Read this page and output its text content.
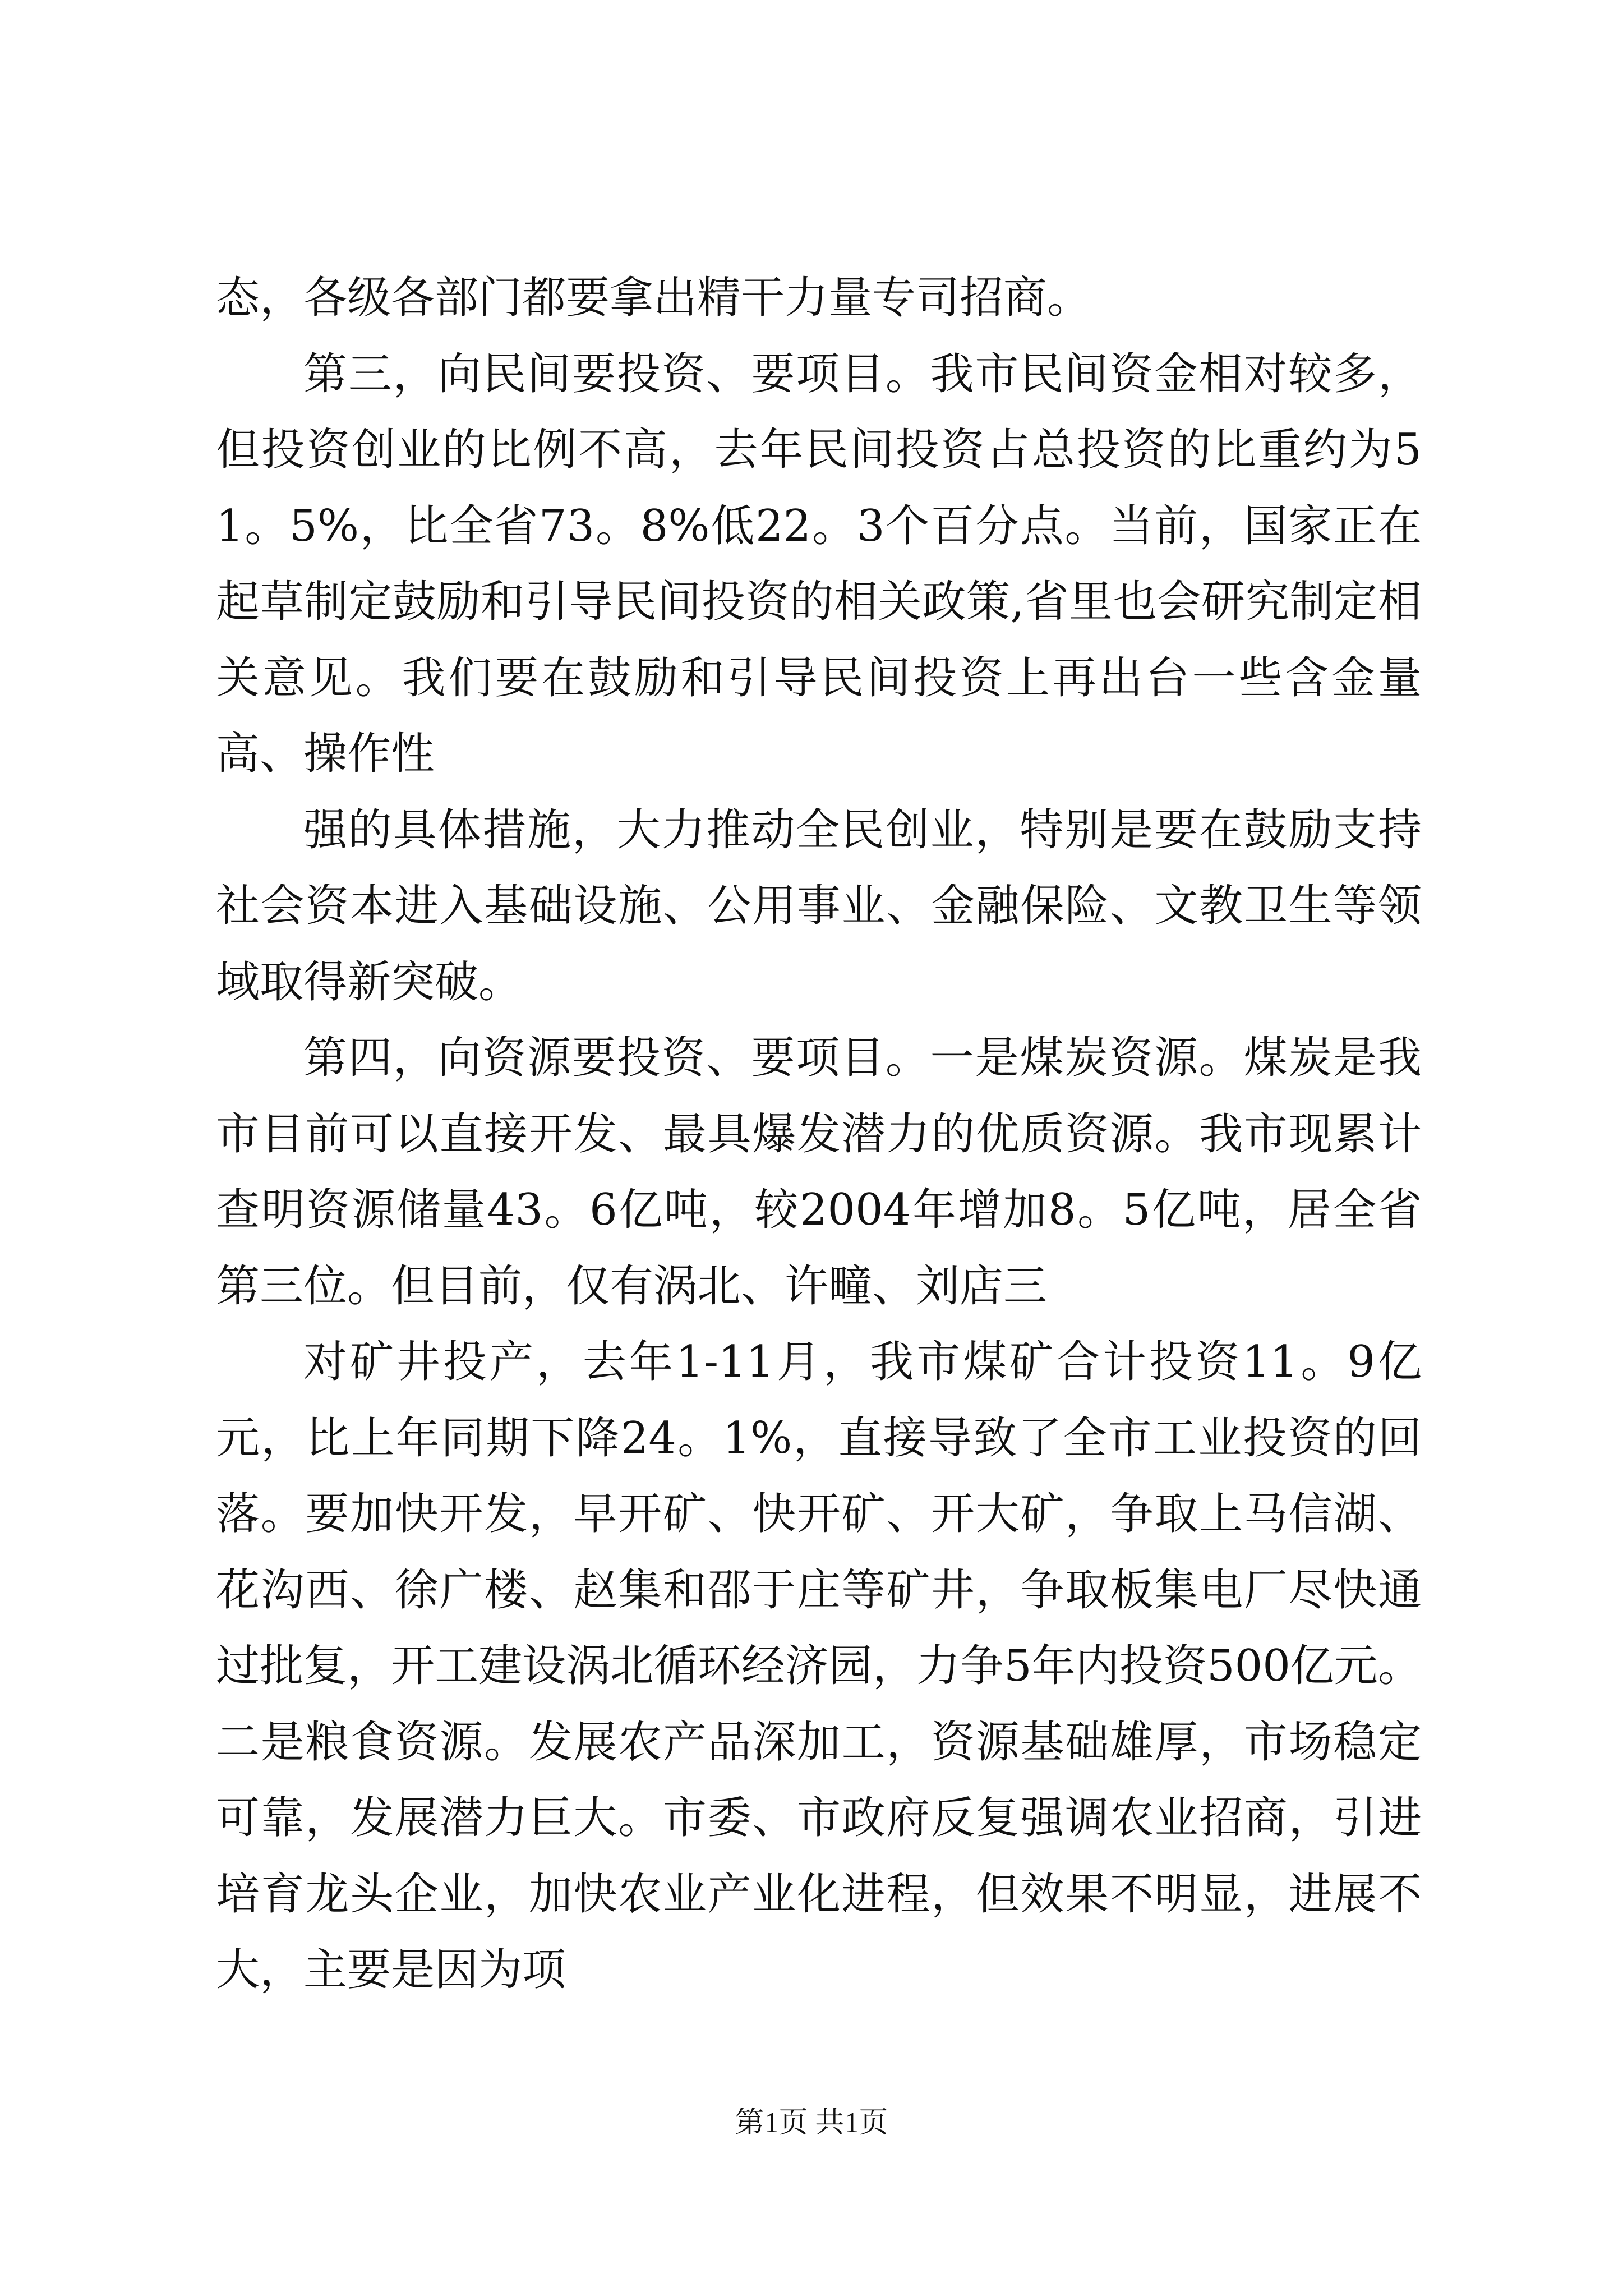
态，各级各部门都要拿出精干力量专司招商。

第三，向民间要投资、要项目。我市民间资金相对较多，但投资创业的比例不高，去年民间投资占总投资的比重约为51。5%，比全省73。8%低22。3个百分点。当前，国家正在起草制定鼓励和引导民间投资的相关政策,省里也会研究制定相关意见。我们要在鼓励和引导民间投资上再出台一些含金量高、操作性

强的具体措施，大力推动全民创业，特别是要在鼓励支持社会资本进入基础设施、公用事业、金融保险、文教卫生等领域取得新突破。

第四，向资源要投资、要项目。一是煤炭资源。煤炭是我市目前可以直接开发、最具爆发潜力的优质资源。我市现累计查明资源储量43。6亿吨，较2004年增加8。5亿吨，居全省第三位。但目前，仅有涡北、许疃、刘店三

对矿井投产，去年1-11月，我市煤矿合计投资11。9亿元，比上年同期下降24。1%，直接导致了全市工业投资的回落。要加快开发，早开矿、快开矿、开大矿，争取上马信湖、花沟西、徐广楼、赵集和邵于庄等矿井，争取板集电厂尽快通过批复，开工建设涡北循环经济园，力争5年内投资500亿元。二是粮食资源。发展农产品深加工，资源基础雄厚，市场稳定可靠，发展潜力巨大。市委、市政府反复强调农业招商，引进培育龙头企业，加快农业产业化进程，但效果不明显，进展不大，主要是因为项

第1页 共1页
